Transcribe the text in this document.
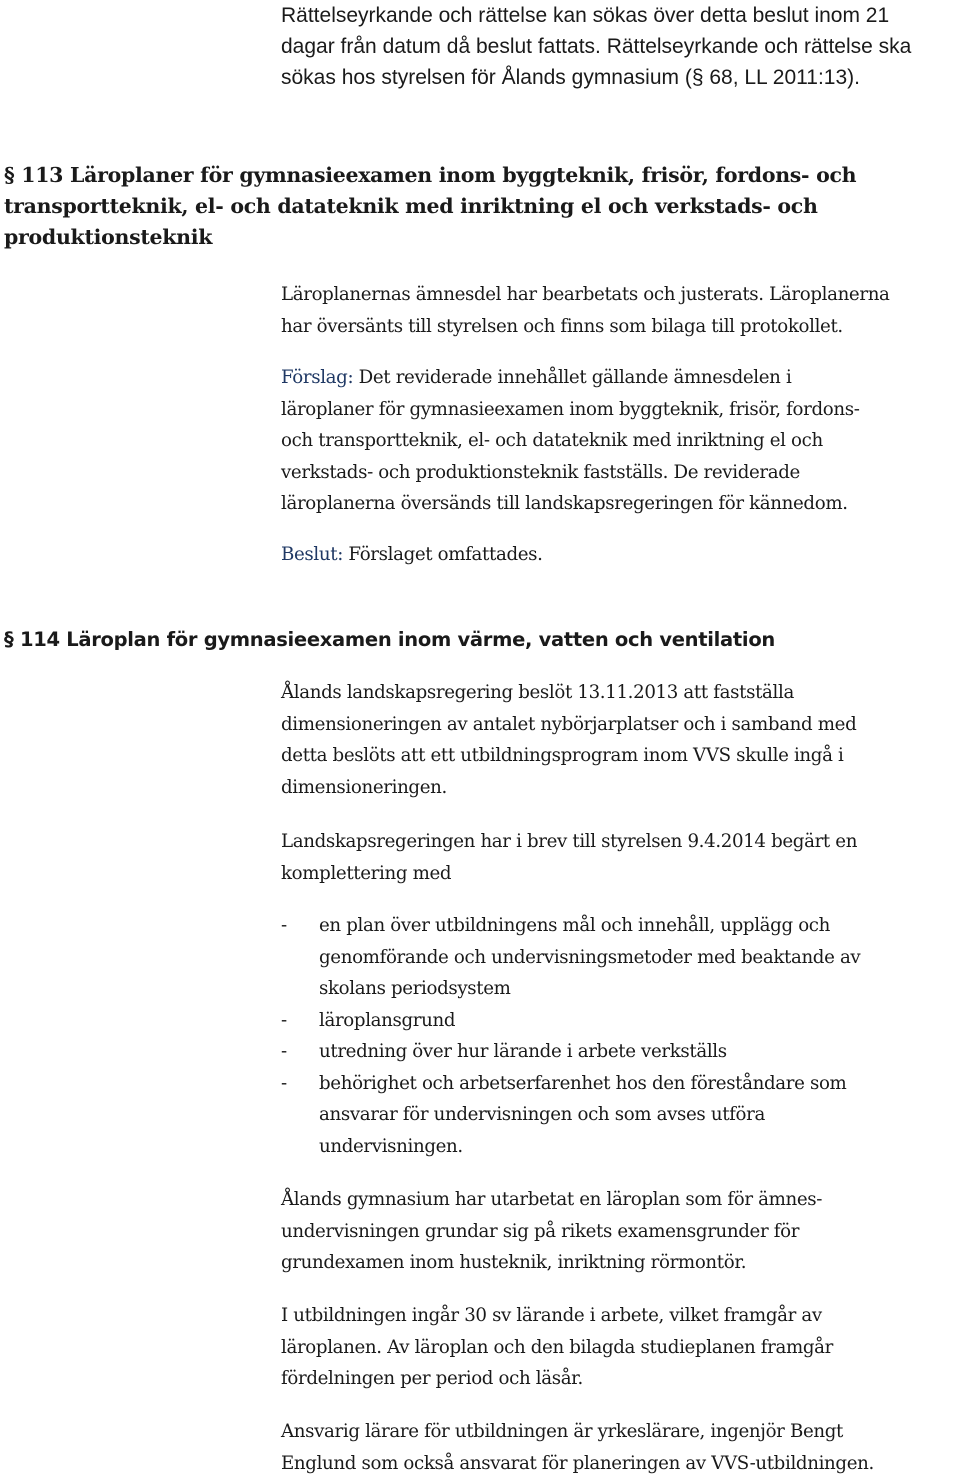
Rättelseyrkande och rättelse kan sökas över detta beslut inom 21

dagar från datum då beslut fattats. Rättelseyrkande och rättelse ska

sökas hos styrelsen för Ålands gymnasium (§ 68, LL 2011:13).

§ 113 Läroplaner för gymnasieexamen inom byggteknik, frisör, fordons- och

transportteknik, el- och datateknik med inriktning el och verkstads- och

produktionsteknik

Läroplanernas ämnesdel har bearbetats och justerats. Läroplanerna

har översänts till styrelsen och finns som bilaga till protokollet.

Förslag: Det reviderade innehållet gällande ämnesdelen i

läroplaner för gymnasieexamen inom byggteknik, frisör, fordons-

och transportteknik, el- och datateknik med inriktning el och

verkstads- och produktionsteknik fastställs. De reviderade

läroplanerna översänds till landskapsregeringen för kännedom.

Beslut: Förslaget omfattades.

§ 114 Läroplan för gymnasieexamen inom värme, vatten och ventilation

Ålands landskapsregering beslöt 13.11.2013 att fastställa

dimensioneringen av antalet nybörjarplatser och i samband med

detta beslöts att ett utbildningsprogram inom VVS skulle ingå i

dimensioneringen.

Landskapsregeringen har i brev till styrelsen 9.4.2014 begärt en

komplettering med

- en plan över utbildningens mål och innehåll, upplägg och
genomförande och undervisningsmetoder med beaktande av
skolans periodsystem
- läroplansgrund
- utredning över hur lärande i arbete verkställs
- behörighet och arbetserfarenhet hos den föreståndare som
ansvarar för undervisningen och som avses utföra
undervisningen.

Ålands gymnasium har utarbetat en läroplan som för ämnes-

undervisningen grundar sig på rikets examensgrunder för

grundexamen inom husteknik, inriktning rörmontör.

I utbildningen ingår 30 sv lärande i arbete, vilket framgår av

läroplanen. Av läroplan och den bilagda studieplanen framgår

fördelningen per period och läsår.

Ansvarig lärare för utbildningen är yrkeslärare, ingenjör Bengt

Englund som också ansvarat för planeringen av VVS-utbildningen.
